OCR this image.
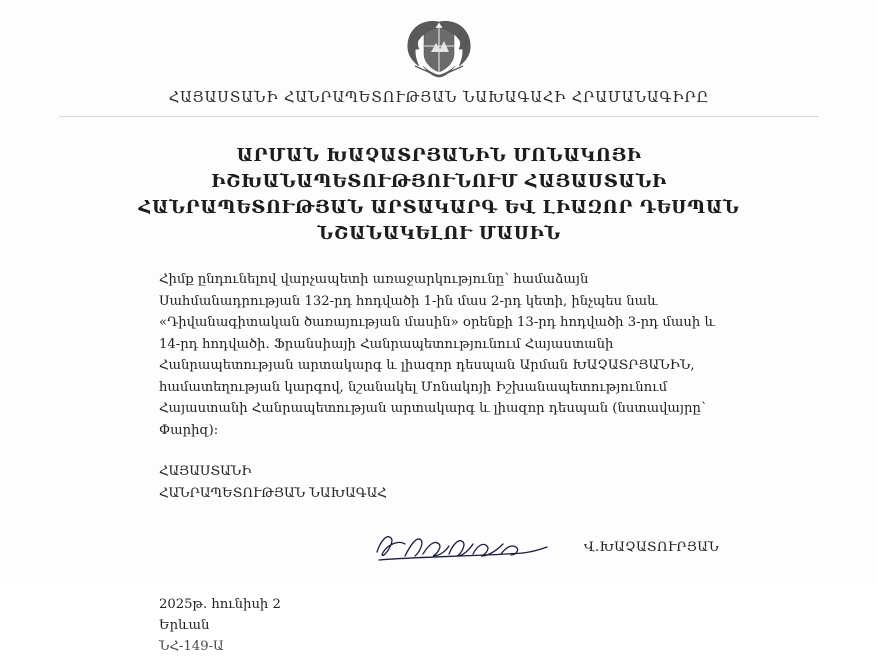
ՀԱՅԱՍՏԱՆԻ ՀԱՆՐԱՊԵՏՈՒԹՅԱՆ ՆԱԽԱԳԱՀԻ ՀՐԱՄԱՆԱԳԻՐԸ
ԱՐՄԱՆ ԽԱՉԱՏՐՅԱՆԻՆ ՄՈՆԱԿՈՅԻ
ԻՇԽԱՆԱՊԵՏՈՒԹՅՈՒՆՈՒՄ ՀԱՅԱՍՏԱՆԻ
ՀԱՆՐԱՊԵՏՈՒԹՅԱՆ ԱՐՏԱԿԱՐԳ ԵՎ ԼԻԱԶՈՐ ԴԵՍՊԱՆ
ՆՇԱՆԱԿԵԼՈՒ ՄԱՍԻՆ

Հիմք ընդունելով վարչապետի առաջարկությունը՝ համաձայն Սահմանադրության 132-րդ հոդվածի 1-ին մաս 2-րդ կետի, ինչպես նաև «Դիվանագիտական ծառայության մասին» օրենքի 13-րդ հոդվածի 3-րդ մասի և 14-րդ հոդվածի. Ֆրանսիայի Հանրապետությունում Հայաստանի Հանրապետության արտակարգ և լիազոր դեսպան Արման ԽԱՉԱՏՐՅԱՆԻՆ, համատեղության կարգով, նշանակել Մոնակոյի Իշխանապետությունում Հայաստանի Հանրապետության արտակարգ և լիազոր դեսպան (նստավայրը՝ Փարիզ):

ՀԱՅԱՍՏԱՆԻ
ՀԱՆՐԱՊԵՏՈՒԹՅԱՆ ՆԱԽԱԳԱՀ
Վ.ԽԱՉԱՏՈՒՐՅԱՆ
2025թ. հունիսի 2
Երևան
ՆՀ-149-Ա
